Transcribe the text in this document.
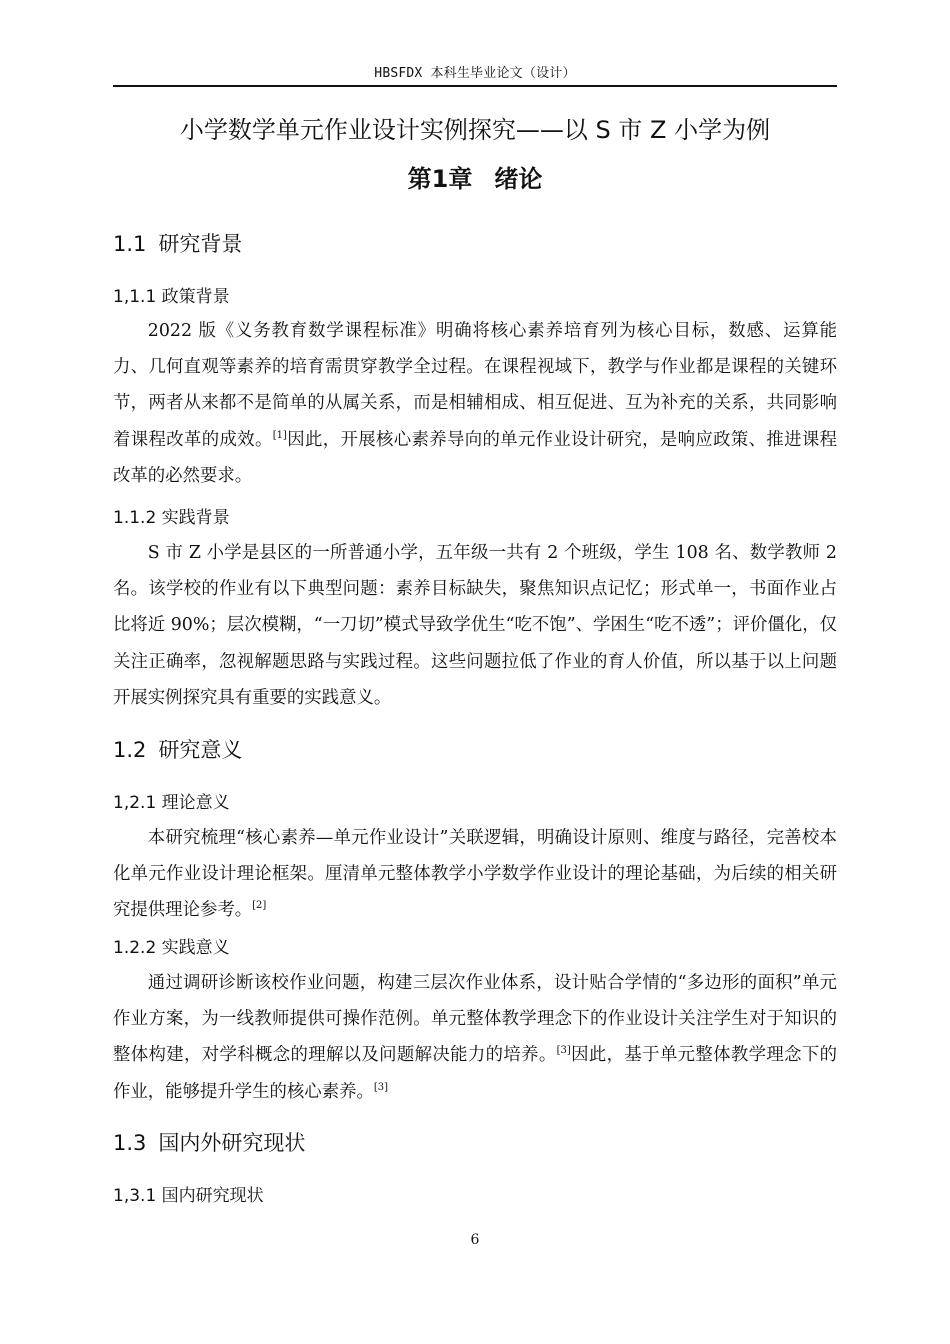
HBSFDX 本科生毕业论文（设计）
小学数学单元作业设计实例探究——以 S 市 Z 小学为例
第1章 绪论
1.1 研究背景
1,1.1 政策背景

2022 版《义务教育数学课程标准》明确将核心素养培育列为核心目标，数感、运算能力、几何直观等素养的培育需贯穿教学全过程。在课程视域下，教学与作业都是课程的关键环节，两者从来都不是简单的从属关系，而是相辅相成、相互促进、互为补充的关系，共同影响着课程改革的成效。[1]因此，开展核心素养导向的单元作业设计研究，是响应政策、推进课程改革的必然要求。

1.1.2 实践背景

S 市 Z 小学是县区的一所普通小学，五年级一共有 2 个班级，学生 108 名、数学教师 2 名。该学校的作业有以下典型问题：素养目标缺失，聚焦知识点记忆；形式单一，书面作业占比将近 90%；层次模糊，“一刀切”模式导致学优生“吃不饱”、学困生“吃不透”；评价僵化，仅关注正确率，忽视解题思路与实践过程。这些问题拉低了作业的育人价值，所以基于以上问题开展实例探究具有重要的实践意义。

1.2 研究意义
1,2.1 理论意义

本研究梳理“核心素养—单元作业设计”关联逻辑，明确设计原则、维度与路径，完善校本化单元作业设计理论框架。厘清单元整体教学小学数学作业设计的理论基础，为后续的相关研究提供理论参考。[2]

1.2.2 实践意义

通过调研诊断该校作业问题，构建三层次作业体系，设计贴合学情的“多边形的面积”单元作业方案，为一线教师提供可操作范例。单元整体教学理念下的作业设计关注学生对于知识的整体构建，对学科概念的理解以及问题解决能力的培养。[3]因此，基于单元整体教学理念下的作业，能够提升学生的核心素养。[3]

1.3 国内外研究现状
1,3.1 国内研究现状
6
